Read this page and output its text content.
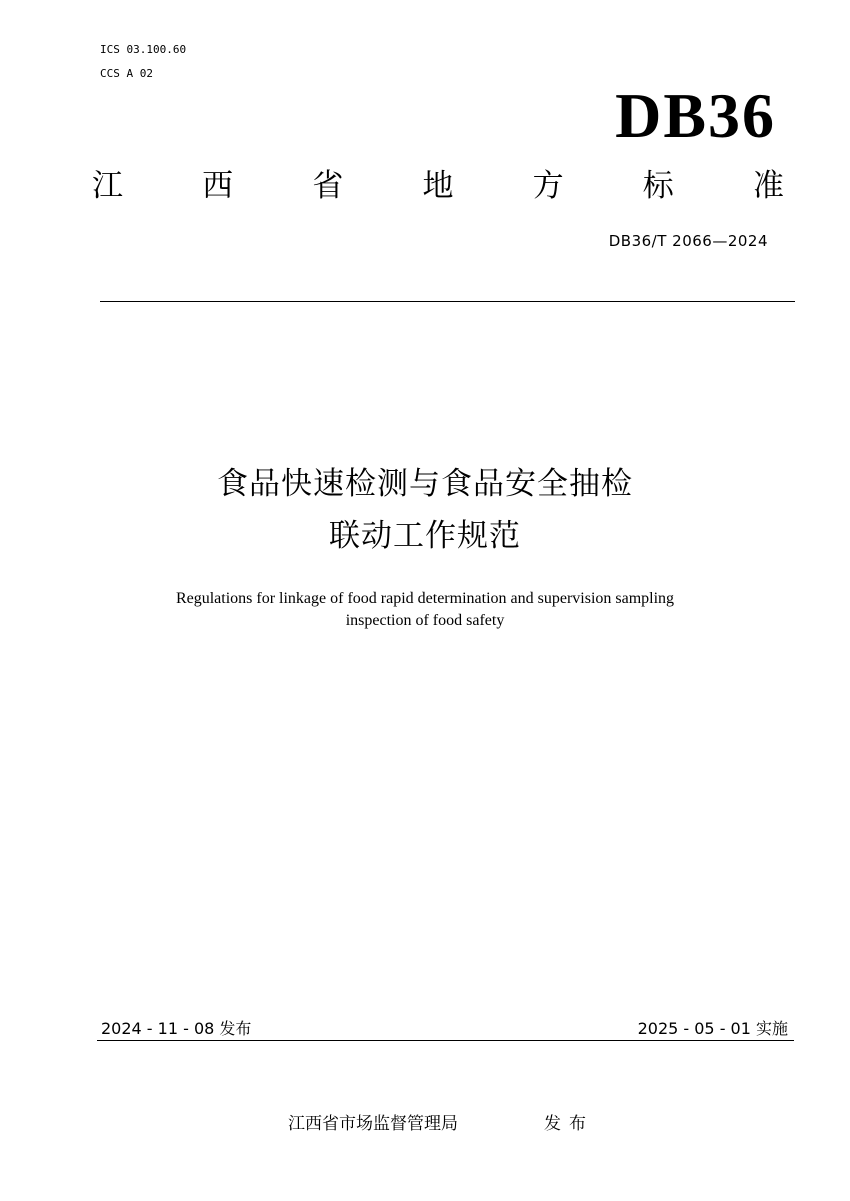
ICS 03.100.60
CCS A 02
DB36
江	西	省	地	方	标	准
DB36/T 2066—2024
食品快速检测与食品安全抽检
联动工作规范
Regulations for linkage of food rapid determination and supervision sampling
inspection of food safety
2024 - 11 - 08 发布	2025 - 05 - 01 实施
江西省市场监督管理局	发布
